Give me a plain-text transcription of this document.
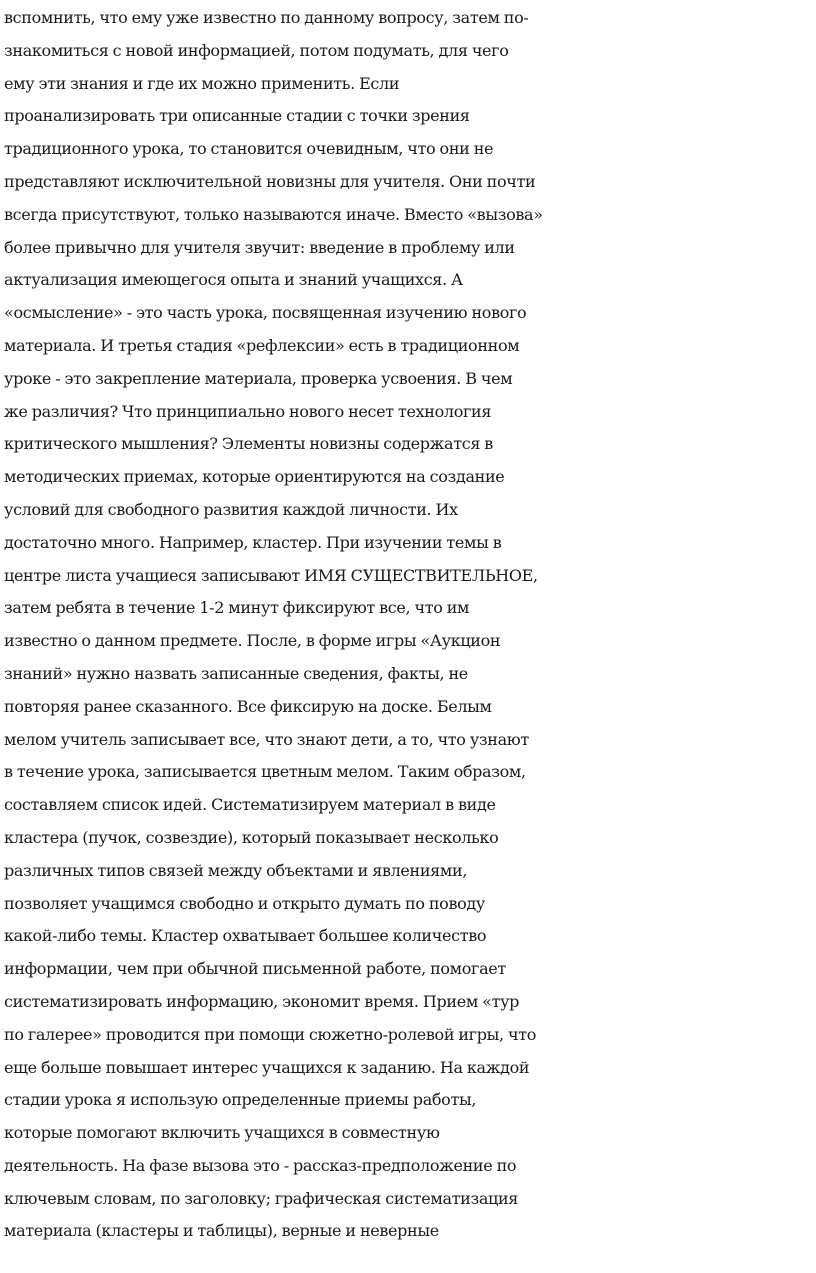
вспомнить, что ему уже известно по данному вопросу, затем по-
знакомиться с новой информацией, потом подумать, для чего
ему эти знания и где их можно применить. Если
проанализировать три описанные стадии с точки зрения
традиционного урока, то становится очевидным, что они не
представляют исключительной новизны для учителя. Они почти
всегда присутствуют, только называются иначе. Вместо «вызова»
более привычно для учителя звучит: введение в проблему или
актуализация имеющегося опыта и знаний учащихся. А
«осмысление» - это часть урока, посвященная изучению нового
материала. И третья стадия «рефлексии» есть в традиционном
уроке - это закрепление материала, проверка усвоения. В чем
же различия? Что принципиально нового несет технология
критического мышления? Элементы новизны содержатся в
методических приемах, которые ориентируются на создание
условий для свободного развития каждой личности. Их
достаточно много. Например, кластер. При изучении темы в
центре листа учащиеся записывают ИМЯ СУЩЕСТВИТЕЛЬНОЕ,
затем ребята в течение 1-2 минут фиксируют все, что им
известно о данном предмете. После, в форме игры «Аукцион
знаний» нужно назвать записанные сведения, факты, не
повторяя ранее сказанного. Все фиксирую на доске. Белым
мелом учитель записывает все, что знают дети, а то, что узнают
в течение урока, записывается цветным мелом. Таким образом,
составляем список идей. Систематизируем материал в виде
кластера (пучок, созвездие), который показывает несколько
различных типов связей между объектами и явлениями,
позволяет учащимся свободно и открыто думать по поводу
какой-либо темы. Кластер охватывает большее количество
информации, чем при обычной письменной работе, помогает
систематизировать информацию, экономит время. Прием «тур
по галерее» проводится при помощи сюжетно-ролевой игры, что
еще больше повышает интерес учащихся к заданию. На каждой
стадии урока я использую определенные приемы работы,
которые помогают включить учащихся в совместную
деятельность. На фазе вызова это - рассказ-предположение по
ключевым словам, по заголовку; графическая систематизация
материала (кластеры и таблицы), верные и неверные
